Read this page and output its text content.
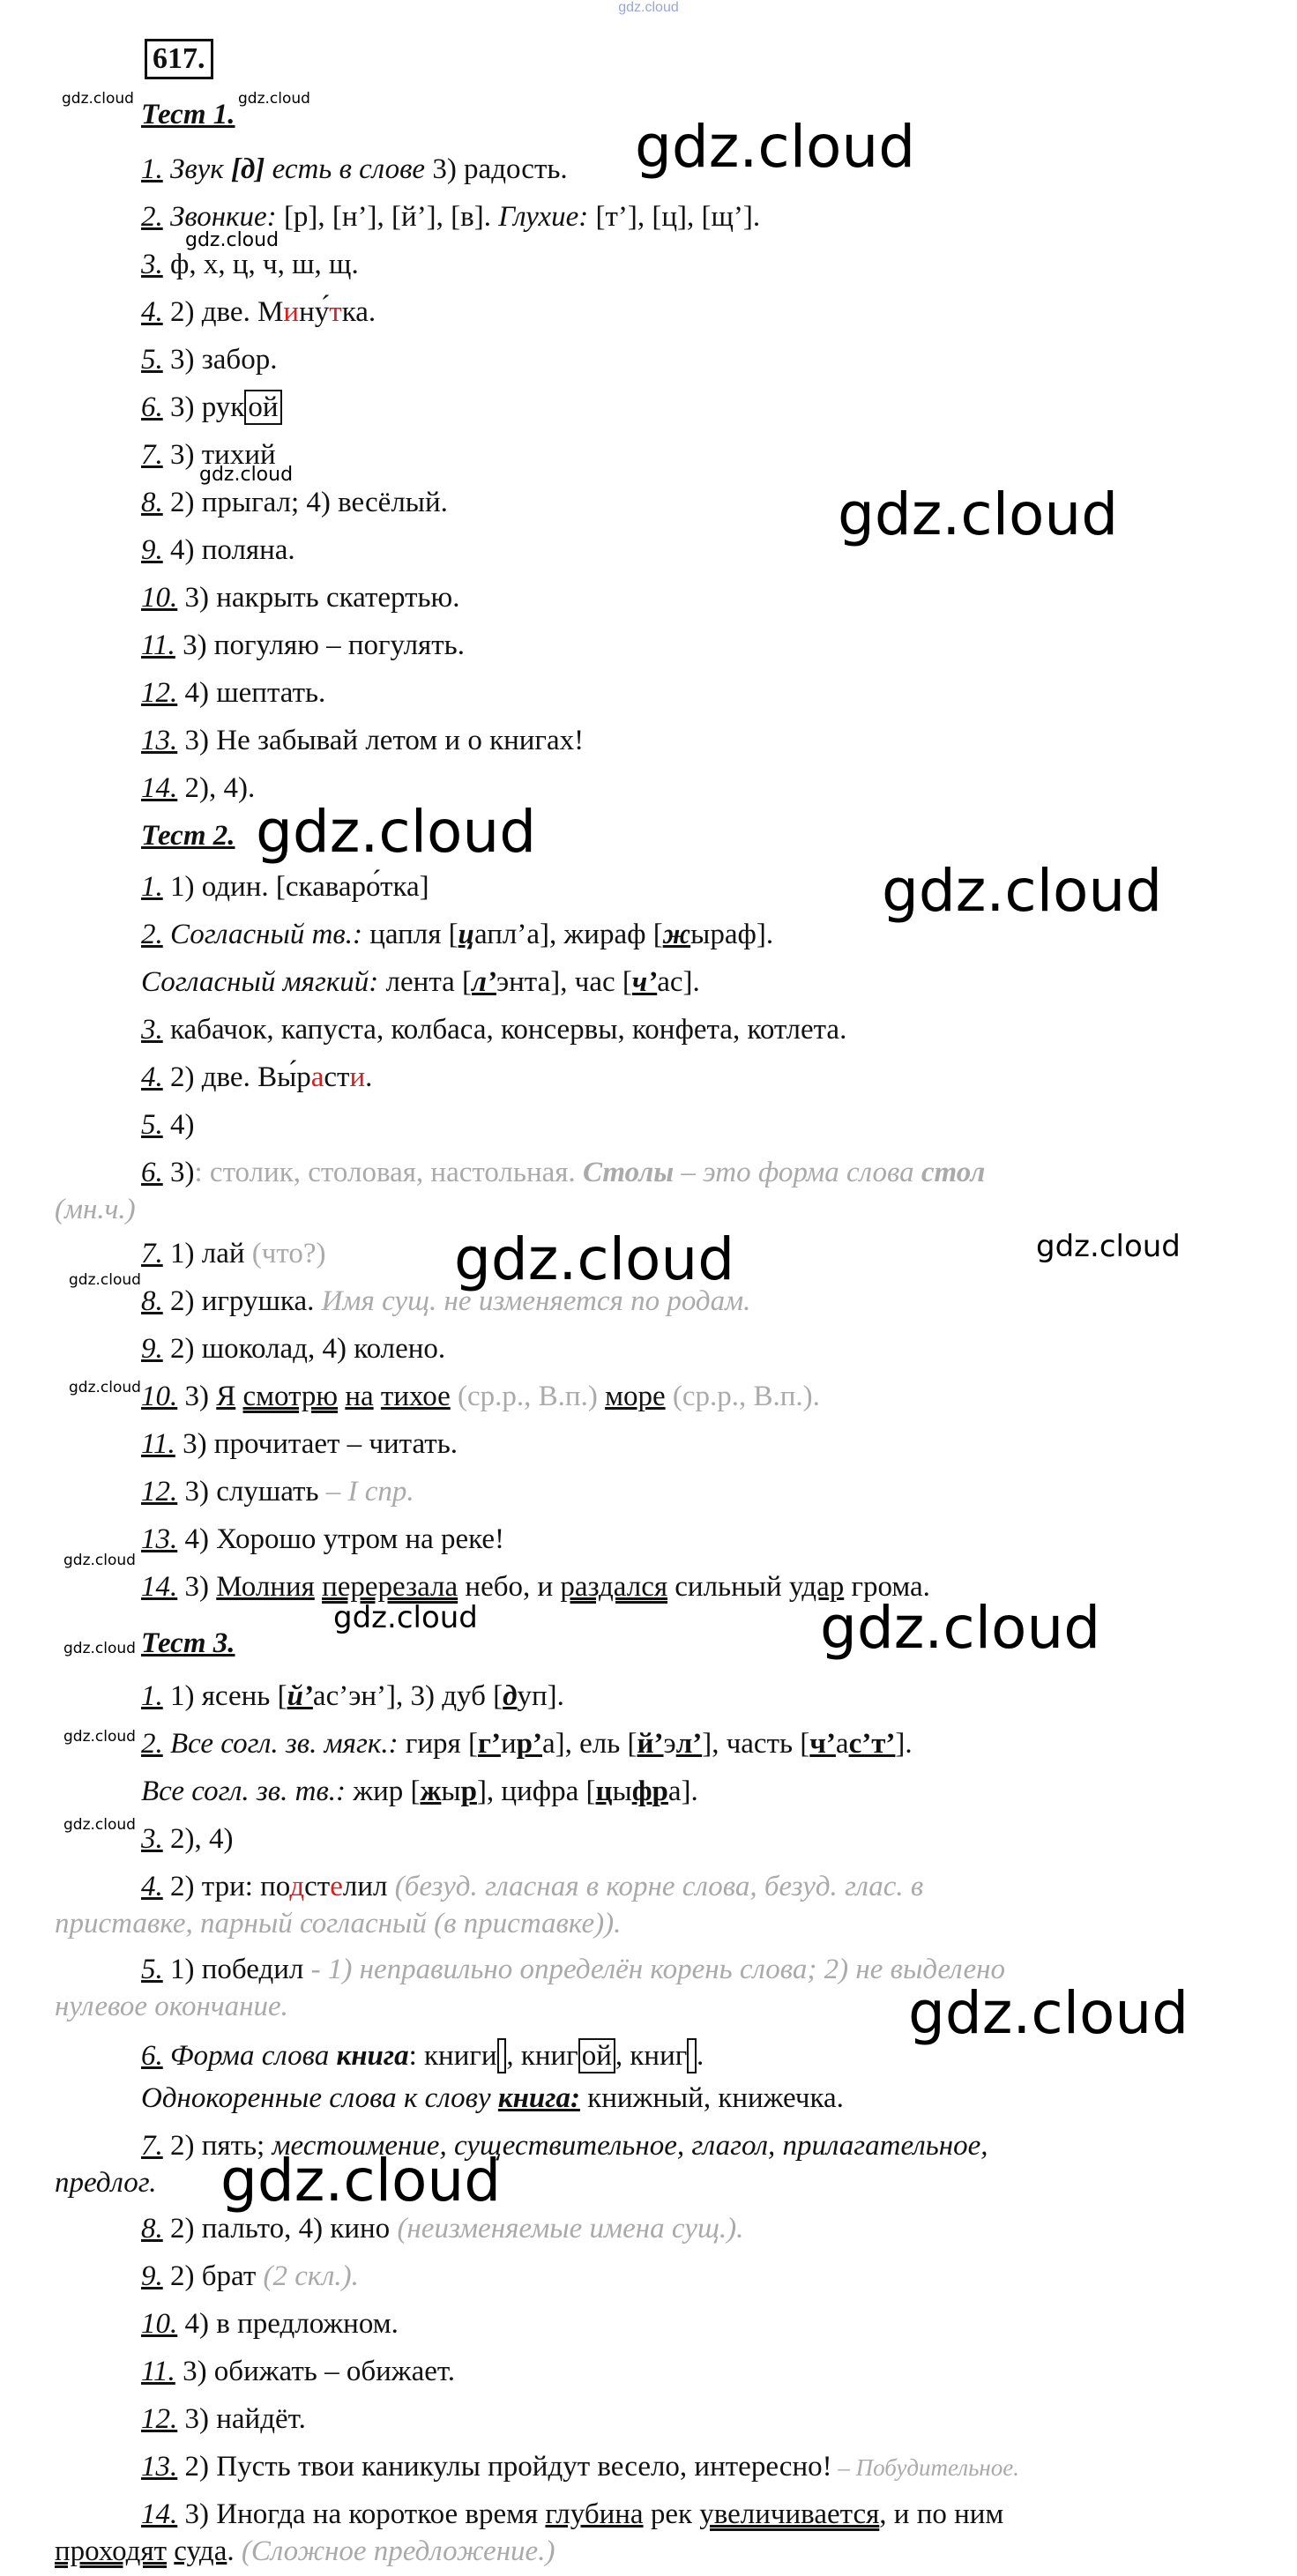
gdz.cloud
617.
gdz.cloud	gdz.cloud
gdz.cloud
gdz.cloud
gdz.cloud
gdz.cloud
gdz.cloud
gdz.cloud
gdz.cloud	gdz.cloud
gdz.cloud
gdz.cloud
gdz.cloud
gdz.cloud	gdz.cloud
gdz.cloud
gdz.cloud
gdz.cloud
gdz.cloud
gdz.cloud
Тест 1.
1. Звук [д] есть в слове 3) радость.
2. Звонкие: [р], [н’], [й’], [в]. Глухие: [т’], [ц], [щ’].
3. ф, х, ц, ч, ш, щ.
4. 2) две. Мину́тка.
5. 3) забор.
6. 3) рук ой
7. 3) тихий
8. 2) прыгал; 4) весёлый.
9. 4) поляна.
10. 3) накрыть скатертью.
11. 3) погуляю – погулять.
12. 4) шептать.
13. 3) Не забывай летом и о книгах!
14. 2), 4).
Тест 2.
1. 1) один. [скаваро́тка]
2. Согласный тв.: цапля [цапл’а], жираф [жыраф].
Согласный мягкий: лента [л’энта], час [ч’ас].
3. кабачок, капуста, колбаса, консервы, конфета, котлета.
4. 2) две. Вы́расти.
5. 4)
6. 3): столик, столовая, настольная. Столы – это форма слова стол
(мн.ч.)
7. 1) лай (что?)
8. 2) игрушка. Имя сущ. не изменяется по родам.
9. 2) шоколад, 4) колено.
10. 3) Я смотрю на тихое (ср.р., В.п.) море (ср.р., В.п.).
11. 3) прочитает – читать.
12. 3) слушать – I спр.
13. 4) Хорошо утром на реке!
14. 3) Молния перерезала небо, и раздался сильный удар грома.
Тест 3.
1. 1) ясень [й’ас’эн’], 3) дуб [дуп].
2. Все согл. зв. мягк.: гиря [г’ир’а], ель [й’эл’], часть [ч’ас’т’].
Все согл. зв. тв.: жир [жыр], цифра [цыфра].
3. 2), 4)
4. 2) три: подстелил (безуд. гласная в корне слова, безуд. глас. в
приставке, парный согласный (в приставке)).
5. 1) победил - 1) неправильно определён корень слова; 2) не выделено
нулевое окончание.
6. Форма слова книга: книги  , книг ой , книг  .
Однокоренные слова к слову книга: книжный, книжечка.
7. 2) пять; местоимение, существительное, глагол, прилагательное,
предлог.
8. 2) пальто, 4) кино (неизменяемые имена сущ.).
9. 2) брат (2 скл.).
10. 4) в предложном.
11. 3) обижать – обижает.
12. 3) найдёт.
13. 2) Пусть твои каникулы пройдут весело, интересно! – Побудительное.
14. 3) Иногда на короткое время глубина рек увеличивается, и по ним
проходят суда. (Сложное предложение.)
